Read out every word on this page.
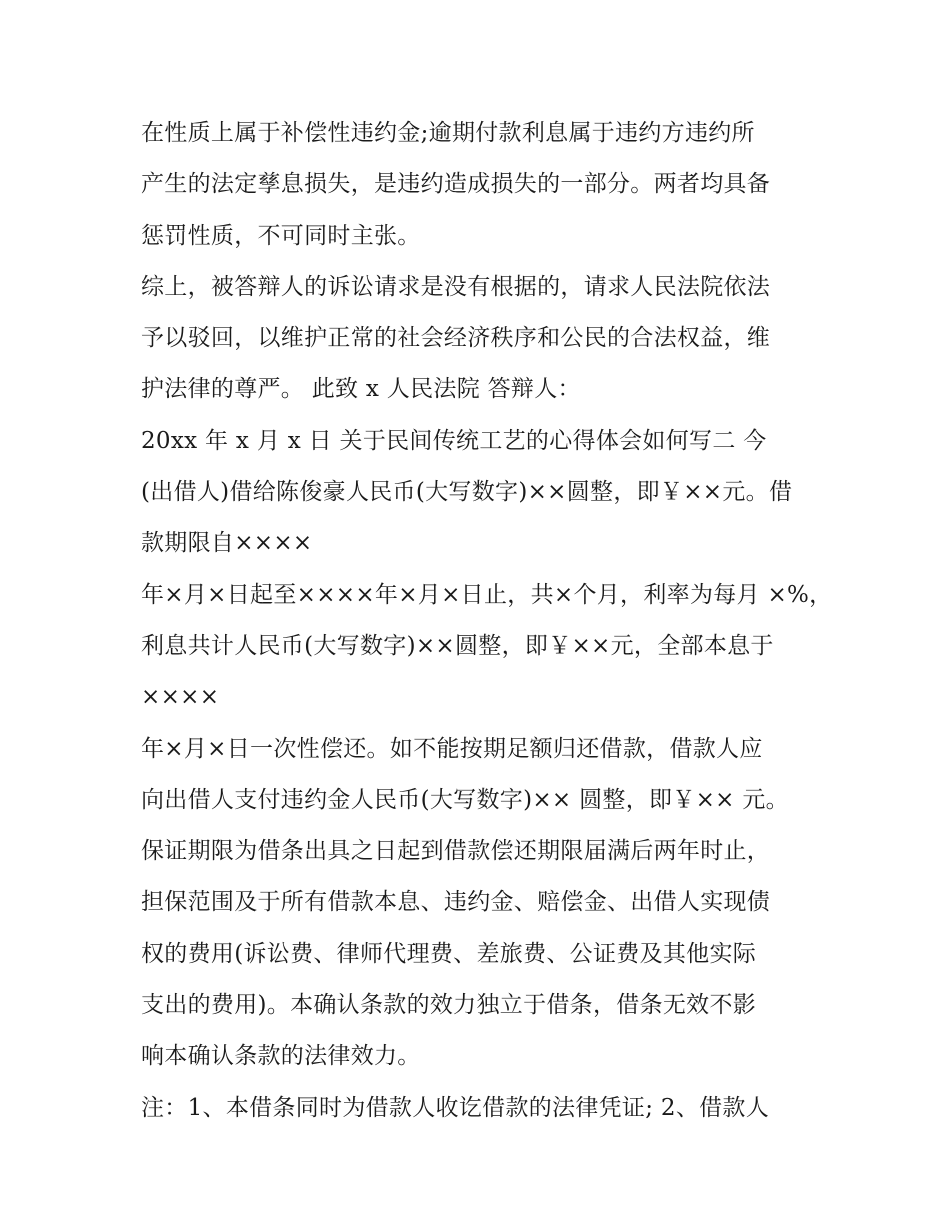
在性质上属于补偿性违约金;逾期付款利息属于违约方违约所
产生的法定孳息损失，是违约造成损失的一部分。两者均具备
惩罚性质，不可同时主张。
综上，被答辩人的诉讼请求是没有根据的，请求人民法院依法
予以驳回，以维护正常的社会经济秩序和公民的合法权益，维
护法律的尊严。 此致 x 人民法院 答辩人：
20xx 年 x 月 x 日 关于民间传统工艺的心得体会如何写二 今
(出借人)借给陈俊豪人民币(大写数字)××圆整，即￥××元。借
款期限自××××
年×月×日起至××××年×月×日止，共×个月，利率为每月 ×%，
利息共计人民币(大写数字)××圆整，即￥××元，全部本息于
××××
年×月×日一次性偿还。如不能按期足额归还借款，借款人应
向出借人支付违约金人民币(大写数字)×× 圆整，即￥×× 元。
保证期限为借条出具之日起到借款偿还期限届满后两年时止，
担保范围及于所有借款本息、违约金、赔偿金、出借人实现债
权的费用(诉讼费、律师代理费、差旅费、公证费及其他实际
支出的费用)。本确认条款的效力独立于借条，借条无效不影
响本确认条款的法律效力。
注：1、本借条同时为借款人收讫借款的法律凭证; 2、借款人
